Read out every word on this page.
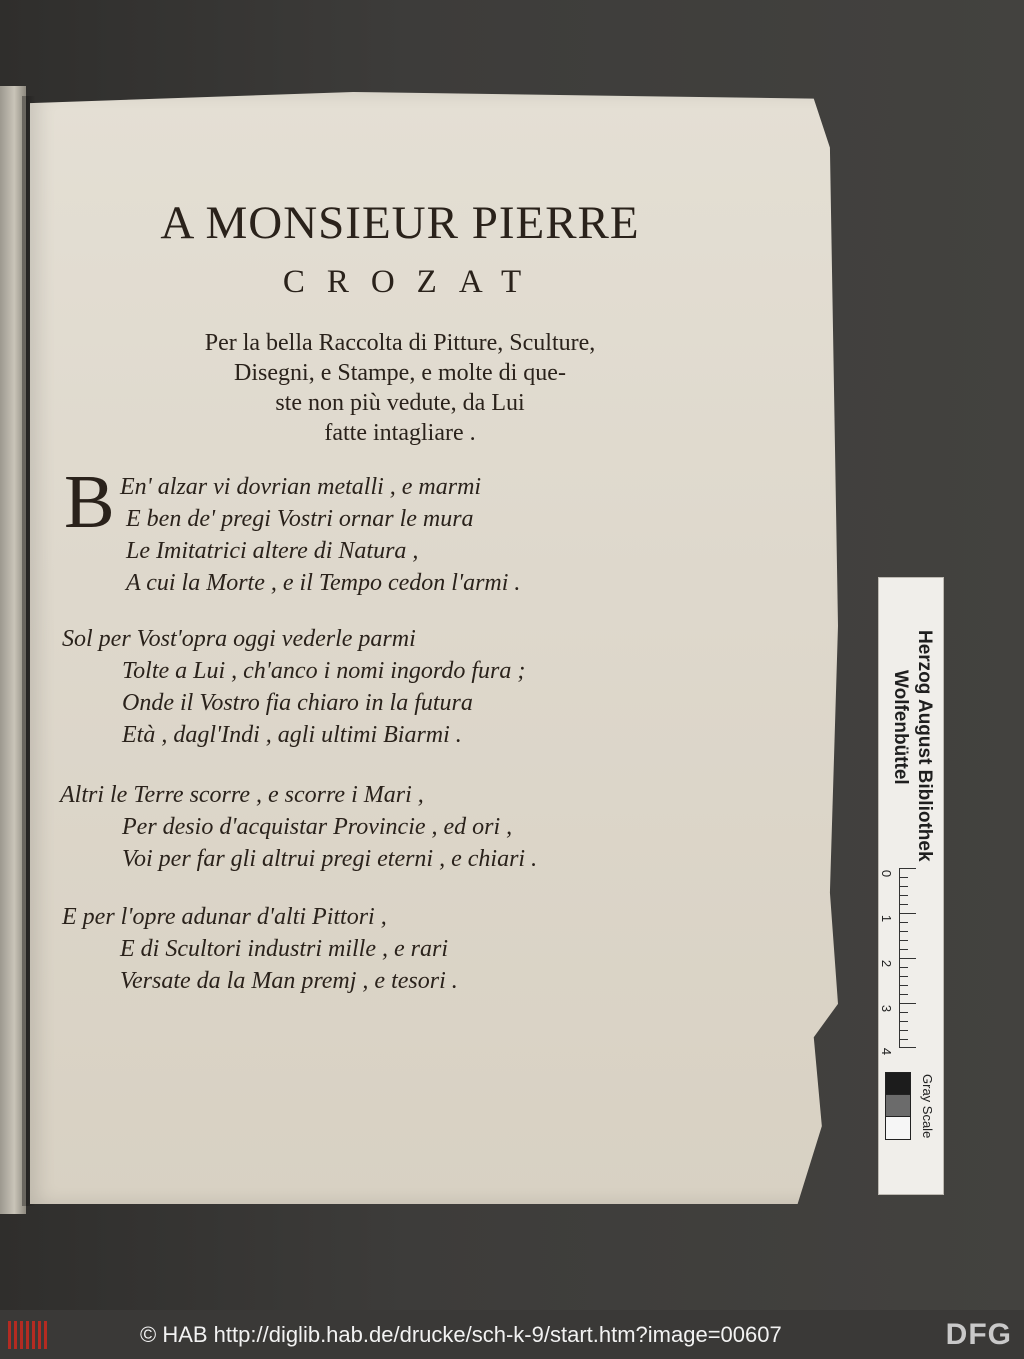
A MONSIEUR PIERRE
CROZAT
Per la bella Raccolta di Pitture, Sculture,
Disegni, e Stampe, e molte di que-
ste non più vedute, da Lui
fatte intagliare .
B En' alzar vi dovrian metalli , e marmi
E ben de' pregi Vostri ornar le mura
Le Imitatrici altere di Natura ,
A cui la Morte , e il Tempo cedon l'armi .
Sol per Vost'opra oggi vederle parmi
Tolte a Lui , ch'anco i nomi ingordo fura ;
Onde il Vostro fia chiaro in la futura
Età , dagl'Indi , agli ultimi Biarmi .
Altri le Terre scorre , e scorre i Mari ,
Per desio d'acquistar Provincie , ed ori ,
Voi per far gli altrui pregi eterni , e chiari .
E per l'opre adunar d'alti Pittori ,
E di Scultori industri mille , e rari
Versate da la Man premj , e tesori .
Herzog August Bibliothek
Wolfenbüttel
0
1
2
3
4
Gray Scale
© HAB http://diglib.hab.de/drucke/sch-k-9/start.htm?image=00607	DFG
